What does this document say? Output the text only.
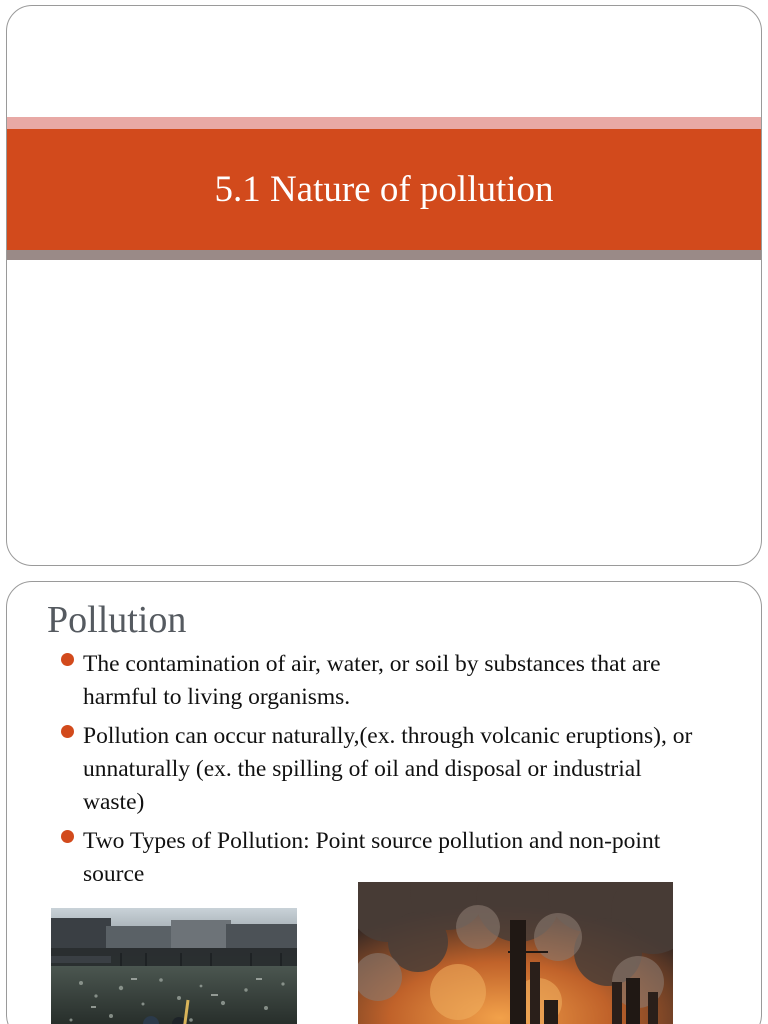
5.1 Nature of pollution
Pollution
The contamination of air, water, or soil by substances that are harmful to living organisms.
Pollution can occur naturally,(ex. through volcanic eruptions), or unnaturally (ex. the spilling of oil and disposal or industrial waste)
Two Types of Pollution: Point source pollution and non-point source
